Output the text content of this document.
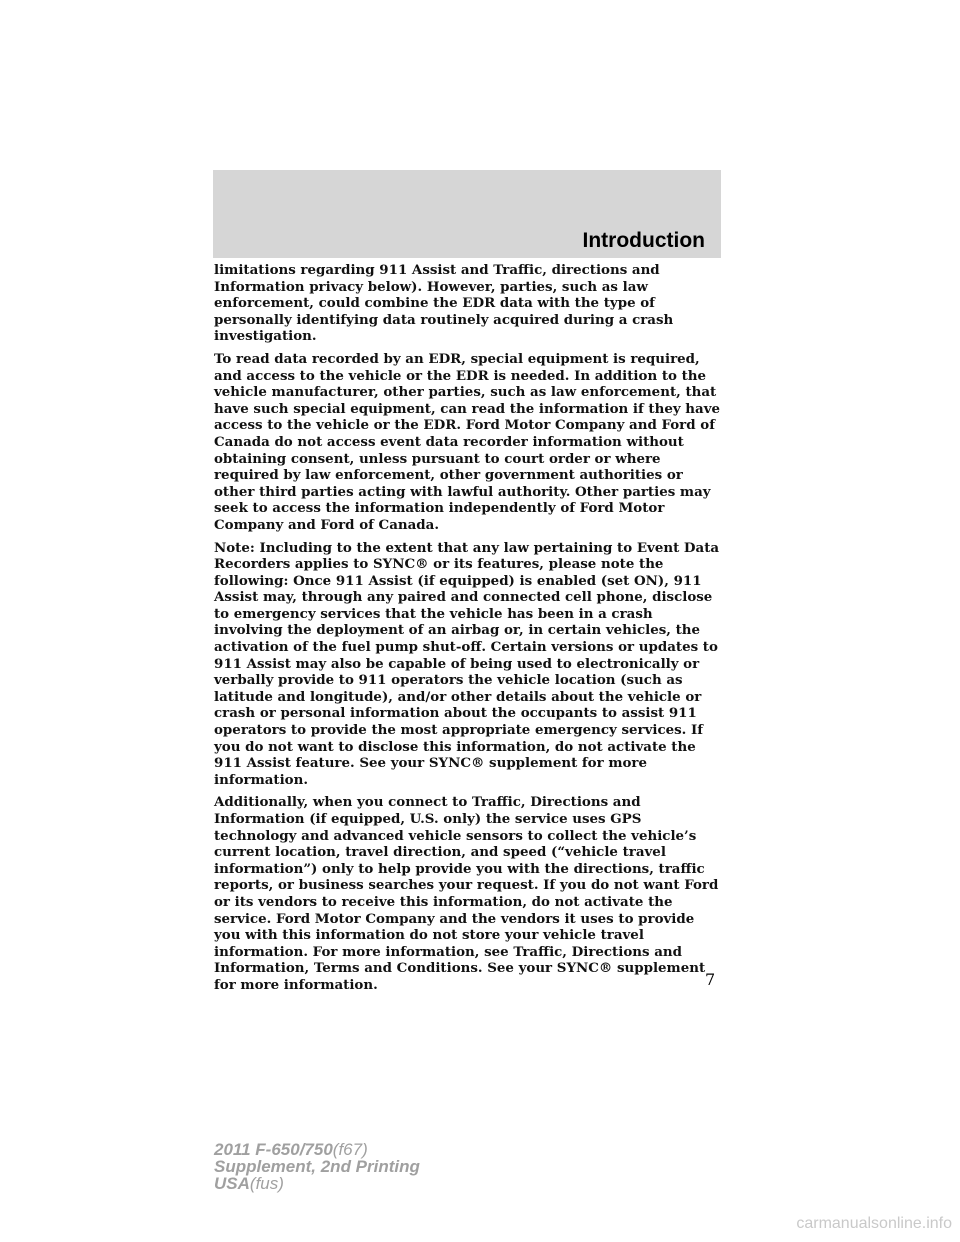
Introduction

limitations regarding 911 Assist and Traffic, directions and Information privacy below). However, parties, such as law enforcement, could combine the EDR data with the type of personally identifying data routinely acquired during a crash investigation.

To read data recorded by an EDR, special equipment is required, and access to the vehicle or the EDR is needed. In addition to the vehicle manufacturer, other parties, such as law enforcement, that have such special equipment, can read the information if they have access to the vehicle or the EDR. Ford Motor Company and Ford of Canada do not access event data recorder information without obtaining consent, unless pursuant to court order or where required by law enforcement, other government authorities or other third parties acting with lawful authority. Other parties may seek to access the information independently of Ford Motor Company and Ford of Canada.

Note: Including to the extent that any law pertaining to Event Data Recorders applies to SYNC® or its features, please note the following: Once 911 Assist (if equipped) is enabled (set ON), 911 Assist may, through any paired and connected cell phone, disclose to emergency services that the vehicle has been in a crash involving the deployment of an airbag or, in certain vehicles, the activation of the fuel pump shut-off. Certain versions or updates to 911 Assist may also be capable of being used to electronically or verbally provide to 911 operators the vehicle location (such as latitude and longitude), and/or other details about the vehicle or crash or personal information about the occupants to assist 911 operators to provide the most appropriate emergency services. If you do not want to disclose this information, do not activate the 911 Assist feature. See your SYNC® supplement for more information.

Additionally, when you connect to Traffic, Directions and Information (if equipped, U.S. only) the service uses GPS technology and advanced vehicle sensors to collect the vehicle’s current location, travel direction, and speed (“vehicle travel information”) only to help provide you with the directions, traffic reports, or business searches your request. If you do not want Ford or its vendors to receive this information, do not activate the service. Ford Motor Company and the vendors it uses to provide you with this information do not store your vehicle travel information. For more information, see Traffic, Directions and Information, Terms and Conditions. See your SYNC® supplement for more information.	7
2011 F-650/750(f67)
Supplement, 2nd Printing
USA(fus)
carmanualsonline.info
